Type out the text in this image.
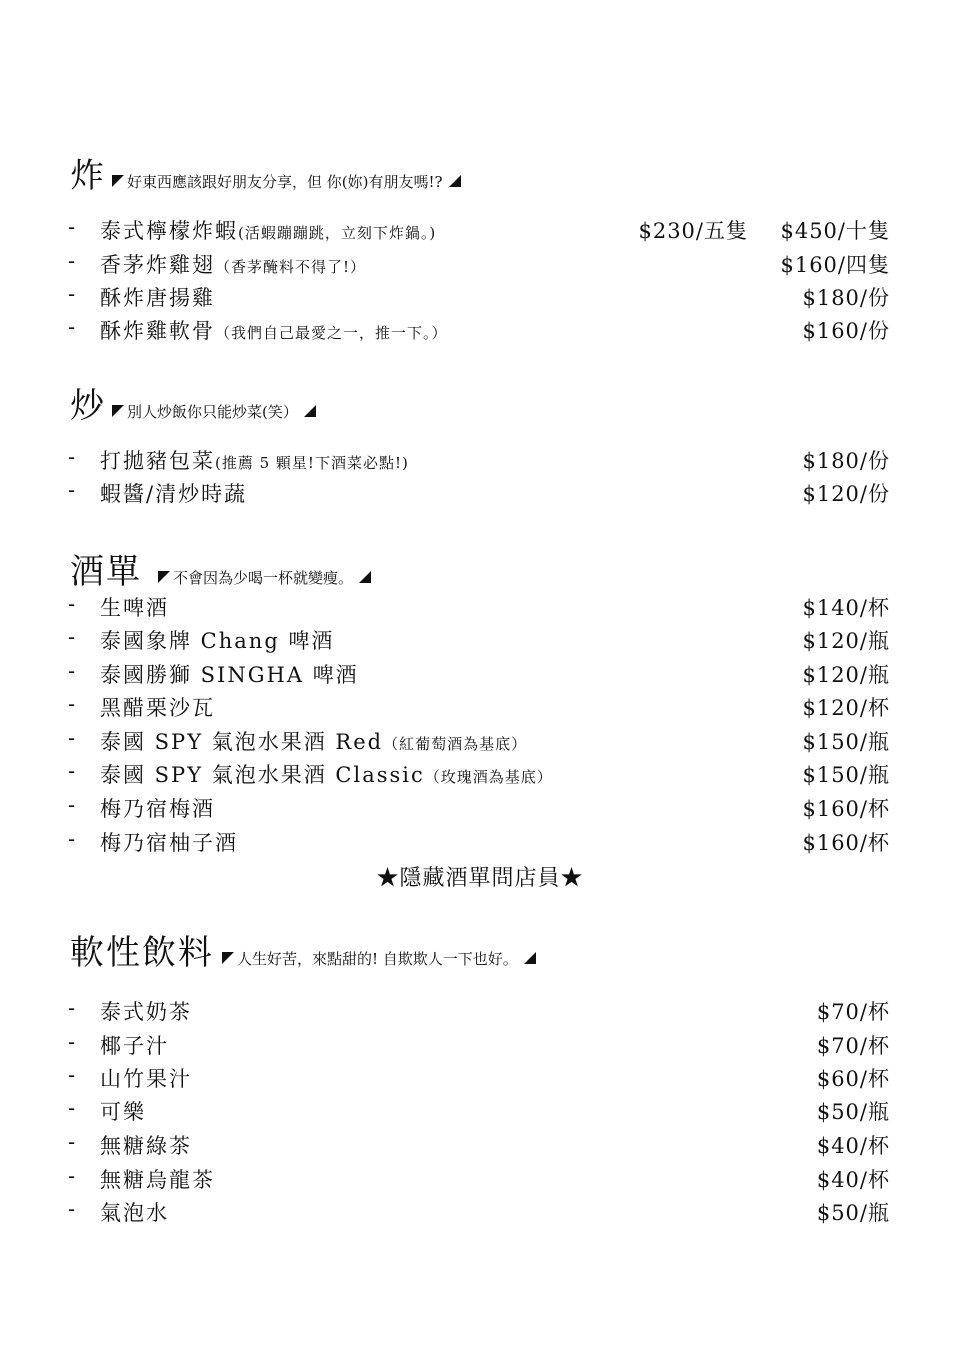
炸 好東西應該跟好朋友分享，但 你(妳)有朋友嗎!?
- 泰式檸檬炸蝦(活蝦蹦蹦跳，立刻下炸鍋。)	$230/五隻 $450/十隻
- 香茅炸雞翅（香茅醃料不得了!）	$160/四隻
- 酥炸唐揚雞	$180/份
- 酥炸雞軟骨（我們自己最愛之一，推一下。）	$160/份
炒 別人炒飯你只能炒菜(笑）
- 打拋豬包菜(推薦 5 顆星!下酒菜必點!)	$180/份
- 蝦醬/清炒時蔬	$120/份
酒單 不會因為少喝一杯就變瘦。
- 生啤酒	$140/杯
- 泰國象牌 Chang 啤酒	$120/瓶
- 泰國勝獅 SINGHA 啤酒	$120/瓶
- 黑醋栗沙瓦	$120/杯
- 泰國 SPY 氣泡水果酒 Red（紅葡萄酒為基底）	$150/瓶
- 泰國 SPY 氣泡水果酒 Classic（玫瑰酒為基底）	$150/瓶
- 梅乃宿梅酒	$160/杯
- 梅乃宿柚子酒	$160/杯
★隱藏酒單問店員★
軟性飲料 人生好苦，來點甜的! 自欺欺人一下也好。
- 泰式奶茶	$70/杯
- 椰子汁	$70/杯
- 山竹果汁	$60/杯
- 可樂	$50/瓶
- 無糖綠茶	$40/杯
- 無糖烏龍茶	$40/杯
- 氣泡水	$50/瓶
